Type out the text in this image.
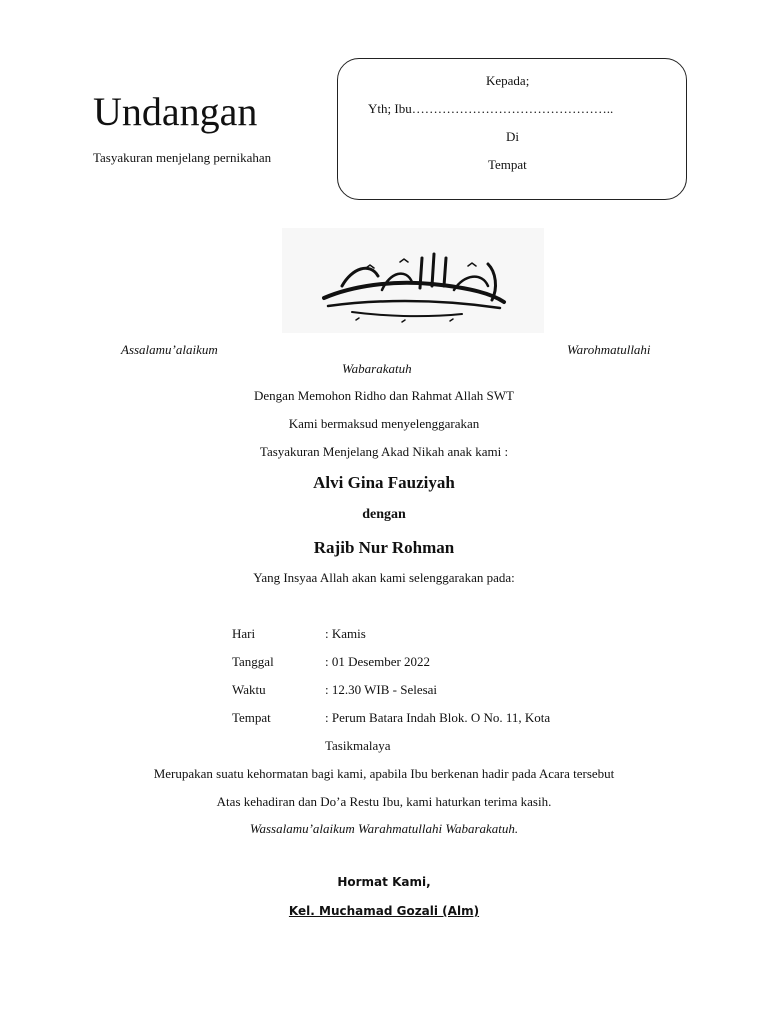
Undangan
Tasyakuran menjelang pernikahan
Kepada;
Yth; Ibu………………………………………..
Di
Tempat
Assalamu’alaikum	Warohmatullahi
Wabarakatuh
Dengan Memohon Ridho dan Rahmat Allah SWT
Kami bermaksud menyelenggarakan
Tasyakuran Menjelang Akad Nikah anak kami :
Alvi Gina Fauziyah
dengan
Rajib Nur Rohman
Yang Insyaa Allah akan kami selenggarakan pada:
Hari	: Kamis
Tanggal	: 01 Desember 2022
Waktu	: 12.30 WIB - Selesai
Tempat	: Perum Batara Indah Blok. O No. 11, Kota
Tasikmalaya
Merupakan suatu kehormatan bagi kami, apabila Ibu berkenan hadir pada Acara tersebut
Atas kehadiran dan Do’a Restu Ibu, kami haturkan terima kasih.
Wassalamu’alaikum Warahmatullahi Wabarakatuh.
Hormat Kami,
Kel. Muchamad Gozali (Alm)
